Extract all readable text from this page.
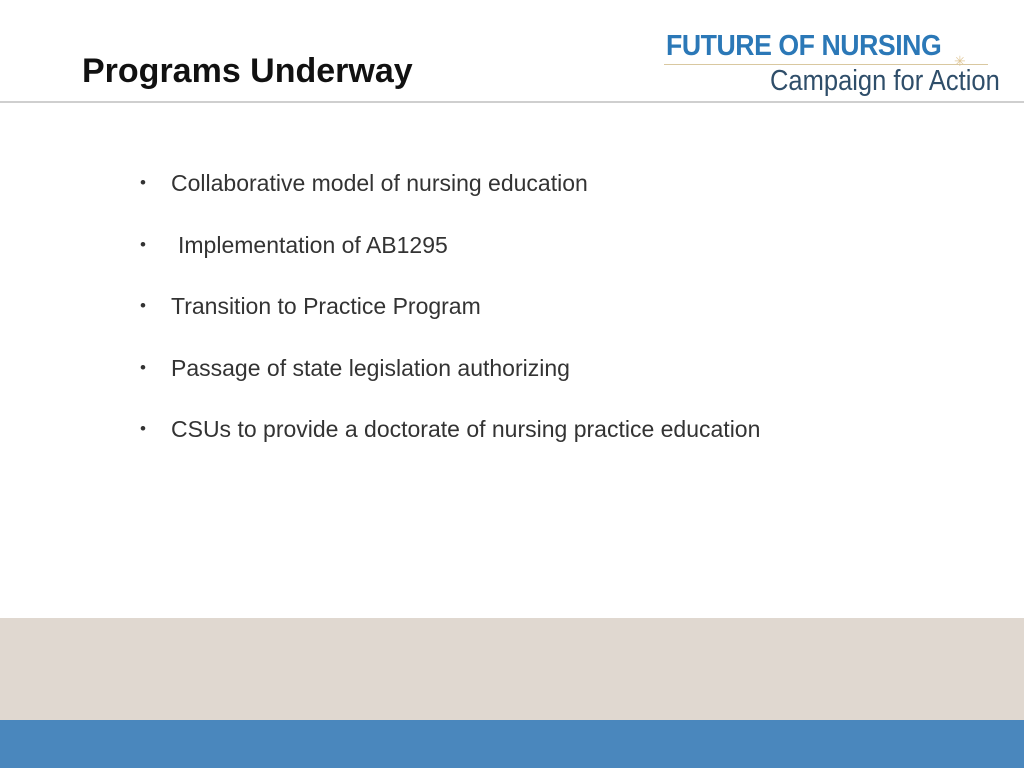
Programs Underway
FUTURE OF NURSING ✳
Campaign for Action
• Collaborative model of nursing education
• Implementation of AB1295
• Transition to Practice Program
• Passage of state legislation authorizing
• CSUs to provide a doctorate of nursing practice education
